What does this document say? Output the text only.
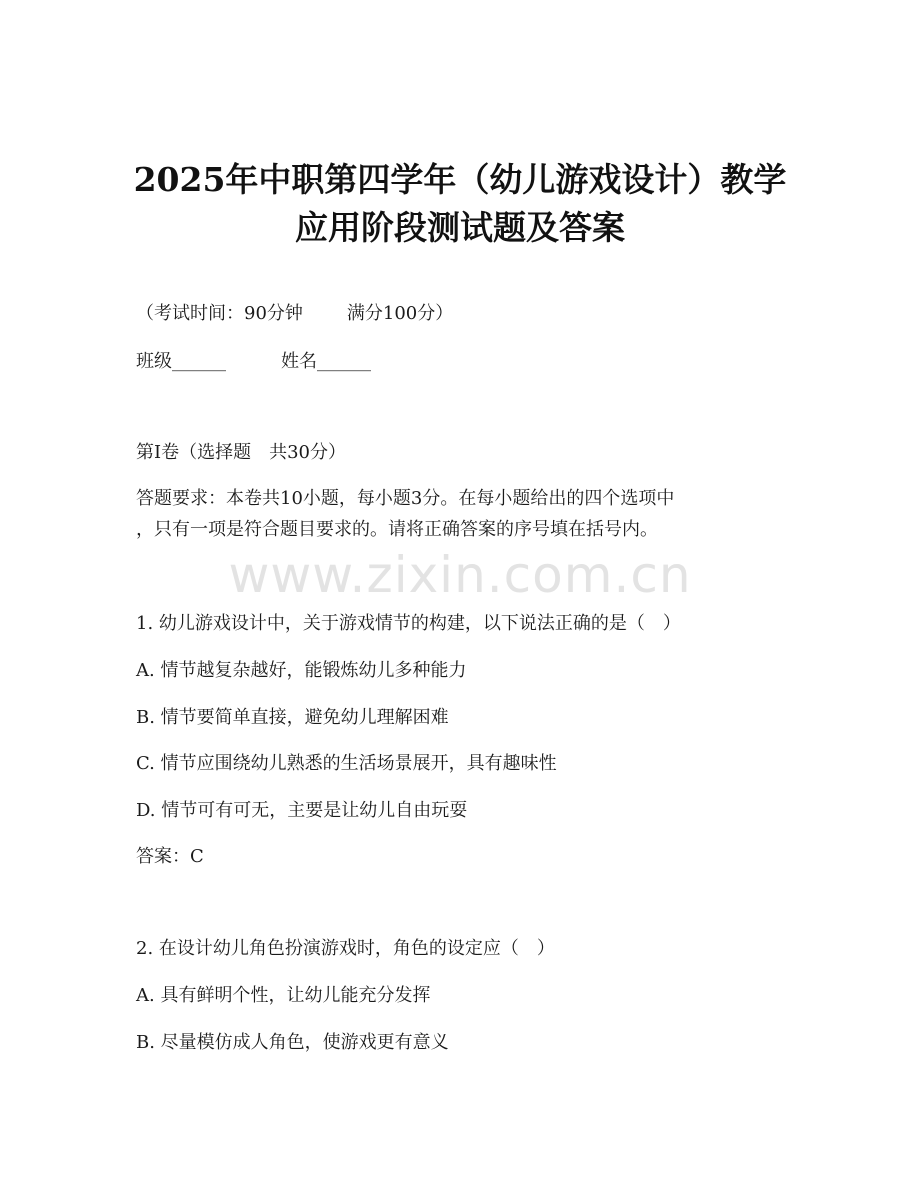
www.zixin.com.cn
2025年中职第四学年（幼儿游戏设计）教学
应用阶段测试题及答案
（考试时间：90分钟 满分100分）
班级______	姓名______
第I卷（选择题　共30分）
答题要求：本卷共10小题，每小题3分。在每小题给出的四个选项中
，只有一项是符合题目要求的。请将正确答案的序号填在括号内。
1. 幼儿游戏设计中，关于游戏情节的构建，以下说法正确的是（　）
A. 情节越复杂越好，能锻炼幼儿多种能力
B. 情节要简单直接，避免幼儿理解困难
C. 情节应围绕幼儿熟悉的生活场景展开，具有趣味性
D. 情节可有可无，主要是让幼儿自由玩耍
答案：C
2. 在设计幼儿角色扮演游戏时，角色的设定应（　）
A. 具有鲜明个性，让幼儿能充分发挥
B. 尽量模仿成人角色，使游戏更有意义
